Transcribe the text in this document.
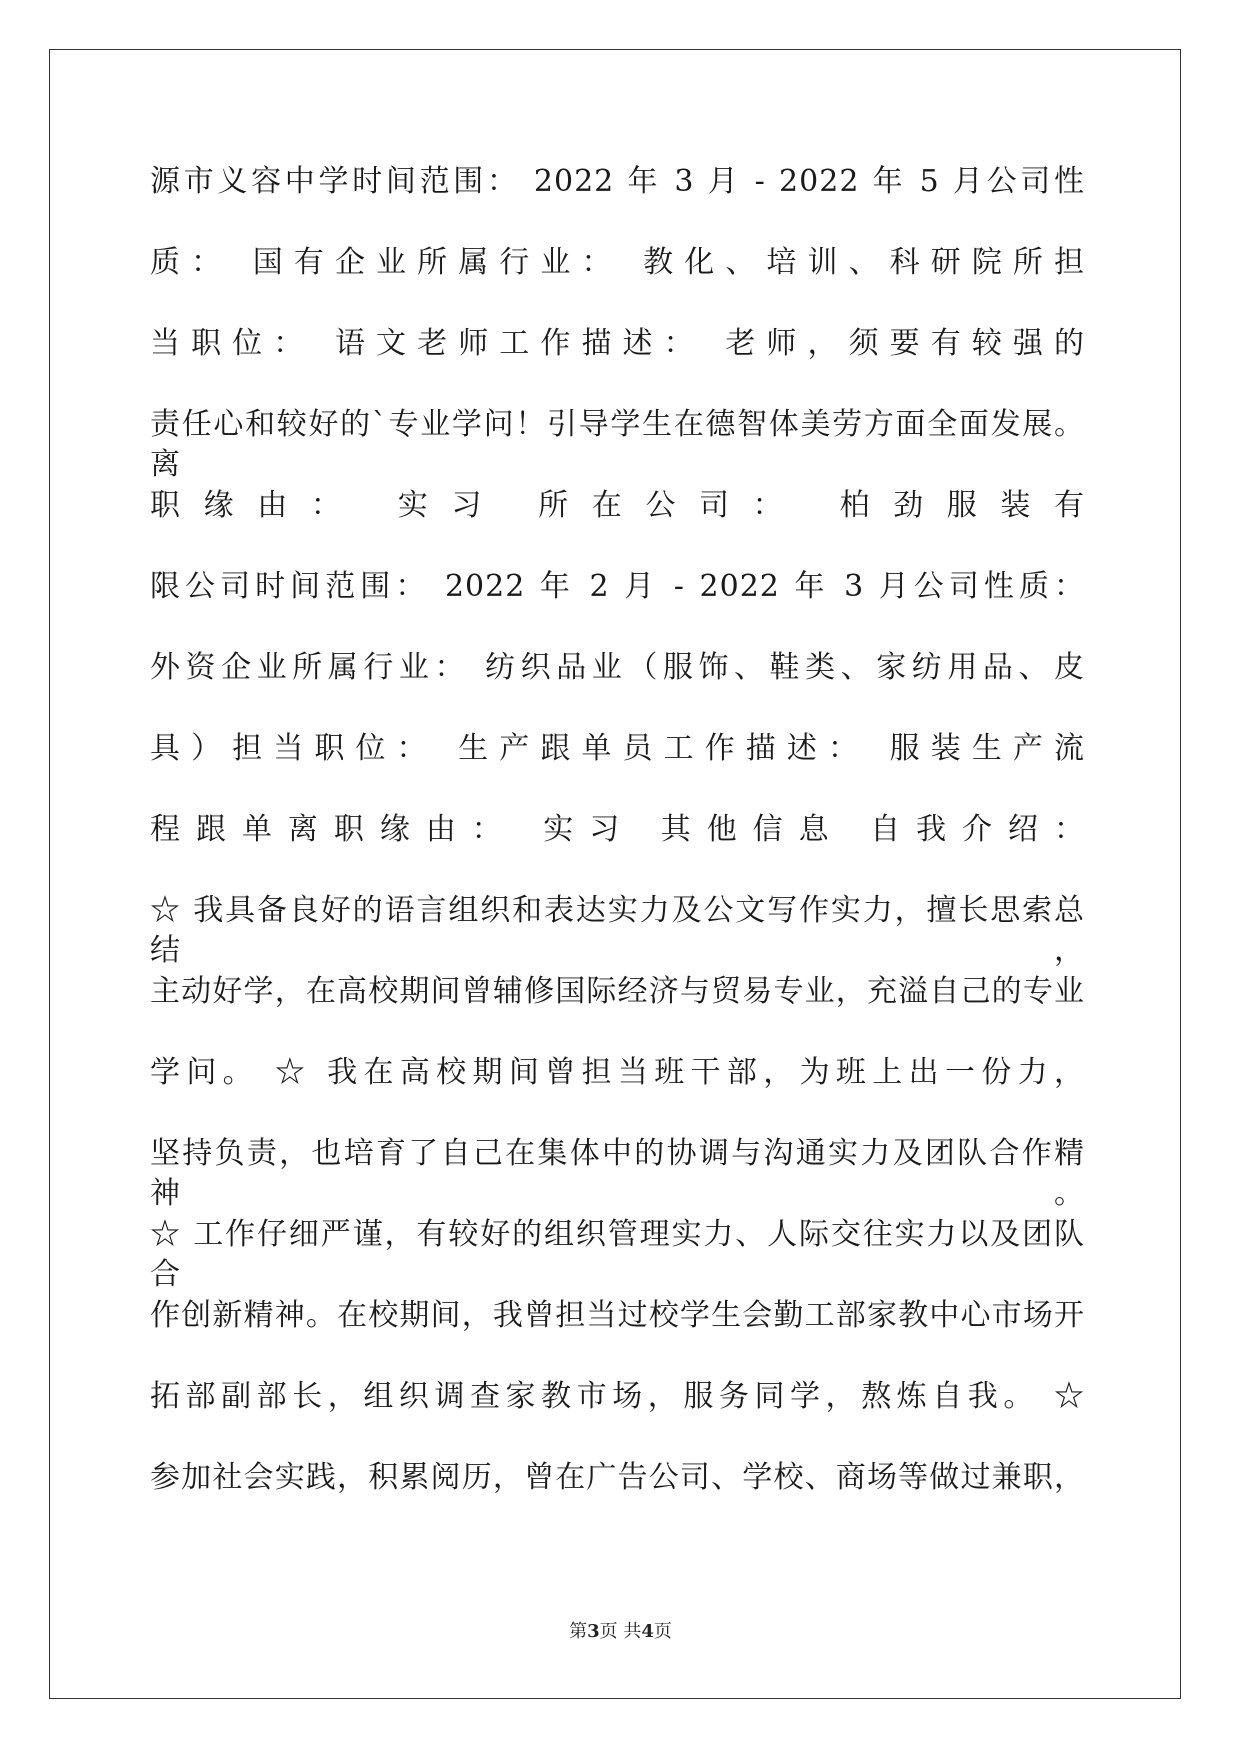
源市义容中学时间范围： 2022 年 3 月 - 2022 年 5 月公司性
质： 国有企业所属行业： 教化、培训、科研院所担
当职位： 语文老师工作描述： 老师，须要有较强的
责任心和较好的`专业学问！引导学生在德智体美劳方面全面发展。离
职缘由： 实习 所在公司： 柏劲服装有
限公司时间范围： 2022 年 2 月 - 2022 年 3 月公司性质：
外资企业所属行业： 纺织品业（服饰、鞋类、家纺用品、皮
具）担当职位： 生产跟单员工作描述： 服装生产流
程跟单离职缘由： 实习 其他信息 自我介绍：
☆ 我具备良好的语言组织和表达实力及公文写作实力，擅长思索总结，
主动好学，在高校期间曾辅修国际经济与贸易专业，充溢自己的专业
学问。 ☆ 我在高校期间曾担当班干部，为班上出一份力，
坚持负责，也培育了自己在集体中的协调与沟通实力及团队合作精神。
☆ 工作仔细严谨，有较好的组织管理实力、人际交往实力以及团队合
作创新精神。在校期间，我曾担当过校学生会勤工部家教中心市场开
拓部副部长，组织调查家教市场，服务同学，熬炼自我。 ☆
参加社会实践，积累阅历，曾在广告公司、学校、商场等做过兼职，
第3页 共4页
